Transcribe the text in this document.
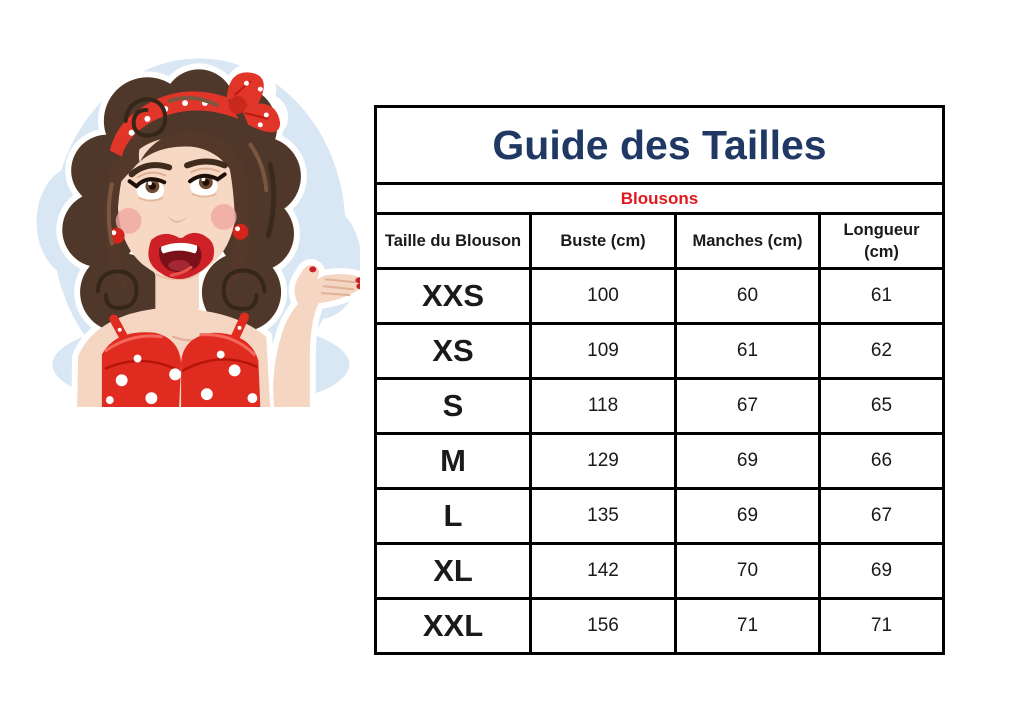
Guide des Tailles			
Blousons			
Taille du Blouson	Buste (cm)	Manches (cm)	Longueur (cm)
XXS	100	60	61
XS	109	61	62
S	118	67	65
M	129	69	66
L	135	69	67
XL	142	70	69
XXL	156	71	71
